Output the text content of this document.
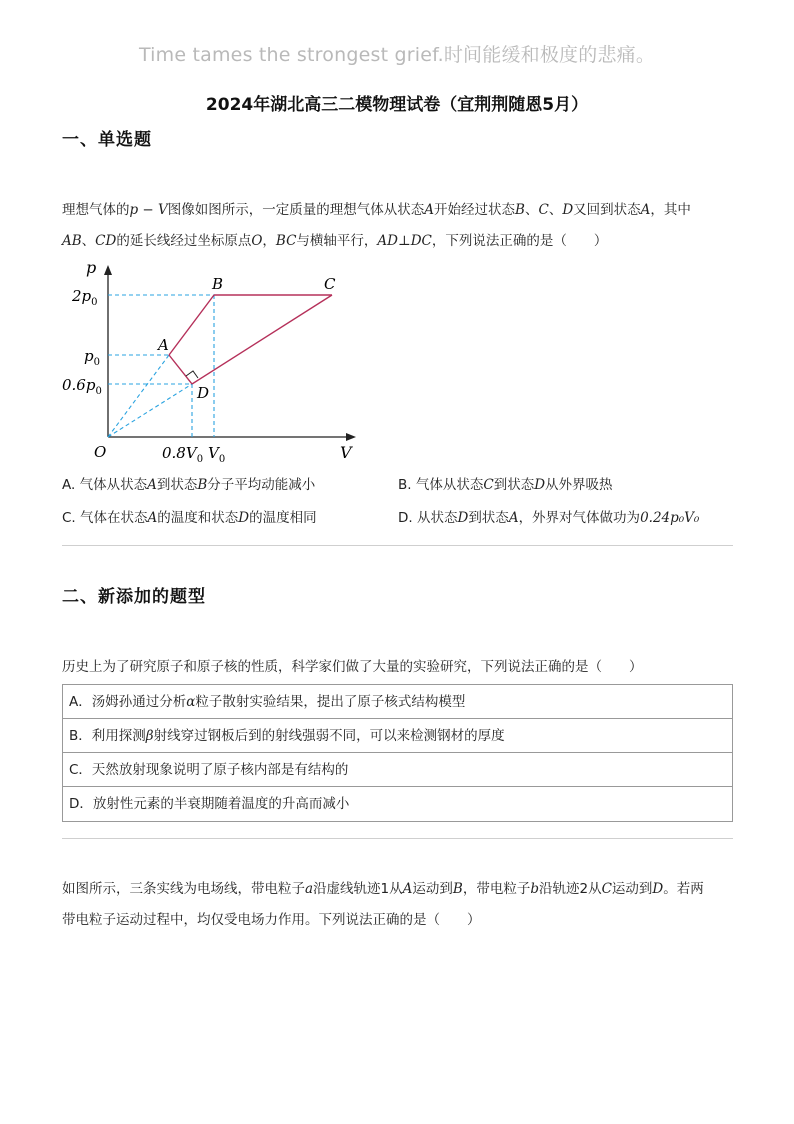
Time tames the strongest grief.时间能缓和极度的悲痛。
2024年湖北高三二模物理试卷（宜荆荆随恩5月）
一、单选题
理想气体的p − V图像如图所示，一定质量的理想气体从状态A开始经过状态B、C、D又回到状态A，其中
AB、CD的延长线经过坐标原点O，BC与横轴平行，AD⊥DC，下列说法正确的是（　　）
p
V
O
A
B	C
D
$2p_0$
$p_0$
$0.6p_0$
$0.8V_0$ $V_0$
A. 气体从状态A到状态B分子平均动能减小	B. 气体从状态C到状态D从外界吸热
C. 气体在状态A的温度和状态D的温度相同	D. 从状态D到状态A，外界对气体做功为0.24p₀V₀
二、新添加的题型
历史上为了研究原子和原子核的性质，科学家们做了大量的实验研究，下列说法正确的是（　　）
A．汤姆孙通过分析α粒子散射实验结果，提出了原子核式结构模型
B．利用探测β射线穿过钢板后到的射线强弱不同，可以来检测钢材的厚度
C．天然放射现象说明了原子核内部是有结构的
D．放射性元素的半衰期随着温度的升高而减小
如图所示，三条实线为电场线，带电粒子a沿虚线轨迹1从A运动到B，带电粒子b沿轨迹2从C运动到D。若两
带电粒子运动过程中，均仅受电场力作用。下列说法正确的是（　　）
